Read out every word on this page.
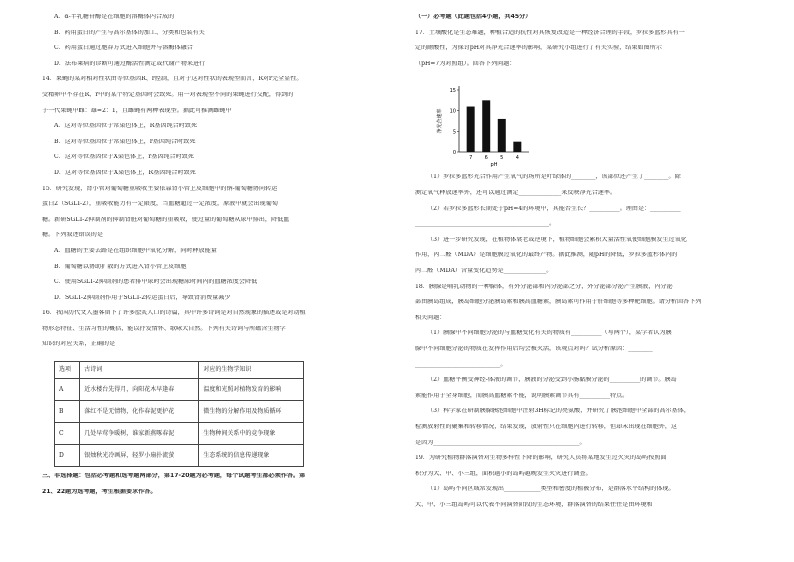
A．α-半乳糖苷酶是在细胞的溶酶体内合成的
B．药用蛋白的产生与高尔基体的加工、分类和包装有关
C．药用蛋白通过胞吞方式进入细胞并与溶酶体融合
D．法布莱病的诊断可通过酶活性测定或代谢产物来进行
14．果蝇的某对相对性状由等位基因R、r控制，且对于这对性状的表现型而言，R对r完全显性。
受精卵中不存在R、r中的某个特定基因时会致死。用一对表现型不同的果蝇进行交配，得到的
子一代果蝇中雌：雄=2：1，且雌蝇有两种表现型。据此可推测雌蝇中
A．这对等位基因位于常染色体上，R基因纯合时致死
B．这对等位基因位于常染色体上，r基因纯合时致死
C．这对等位基因位于X染色体上，r基因纯合时致死
D．这对等位基因位于X染色体上，R基因纯合时致死
15．研究发现，肾小管对葡萄糖重吸收主要依靠肾小管上皮细胞中的钠-葡萄糖协同转运
蛋白2（SGLT-2），重吸收能力有一定限度，当血糖超过一定浓度，原液中就会出现葡萄
糖。新研SGLT-2抑制剂的抑制肾脏对葡萄糖的重吸收，使过量的葡萄糖从尿中排出，降低血
糖。下列叙述错误的是
A．血糖的主要去路是在组织细胞中氧化分解，同时释放能量
B．葡萄糖以协助扩散的方式进入肾小管上皮细胞
C．使用SGLT-2抑制剂的患者排中尿时会出现糖尿时间内的血糖浓度会降低
D．SGLT-2抑制剂作用于SGLT-2转运蛋白后，导致肾消费量减少
16．我国历代文人墨客留下了许多脍炙人口的诗篇，其中许多诗词是对自然现象的描述或是对动植
物形态特征、生活习性的概括，能以抒发情怀、歌咏大自然。下列有关诗词与所蕴含生物学
知识的对应关系，正确的是
选项	古诗词	对应的生物学知识
A	近水楼台先得月，向阳花木早逢春	温度和光照对植物发育的影响
B	落红不是无情物，化作春泥更护花	微生物的分解作用及物质循环
C	几处早莺争暖树，谁家新燕啄春泥	生物种间关系中的竞争现象
D	银烛秋光冷画屏，轻罗小扇扑流萤	生态系统的信息传递现象
三、非选择题：包括必考题和选考题两部分，第17-20题为必考题，每个试题考生都必须作答。第
21、22题为选考题，考生根据要求作答。
（一）必考题（此题包括4小题，共45分）
17．土壤酸化是生态难题，种植合适的抗性对其恢复改造是一种经济合理的手段，罗拉多蓝杉具有一
定的耐酸性，为探讨pH对其净光合速率的影响，某研究小组进行了有关实验，结果如图所示
（pH=7为对照组）。回答下列问题：
0
5
10
15
7 6 5 4
pH
净光合速率
（1）罗拉多蓝杉光合作用产生氧气的场所是叶绿体的________，该部位还产生了________。除
测定氧气释放速率外，还可以通过测定______________来反映净光合速率。
（2）若罗拉多蓝杉长期处于pH=4的环境中，其能否生长？__________。理由是：__________
____________________________________________。
（3）进一步研究发现，在植物体衰老或逆境下，植物细胞会累积大量活性氧使细胞膜发生过氧化
作用，丙二醛（MDA）是细胞膜过氧化的最终产物。据此推测，随pH的降低，罗拉多蓝杉体内的
丙二醛（MDA）含量变化趋势是______________。
18．胰腺是哺乳动物的一种腺体，有外分泌部和内分泌部之分，外分泌部分泌产生胰液，内分泌
部由胰岛组成，胰岛细胞分泌胰岛素和胰高血糖素，胰岛素可作用于肝细胞等多种靶细胞。请分析回答下列
相关问题：
（1）胰腺中不同细胞分泌的与血糖变化有关的物质有__________（写两个），某学者认为胰
腺中不同细胞分泌的物质在发挥作用后均会被灭活，该观点对吗？试分析原因：________
____________________________。
（2）血糖平衡受神经-体液的调节，胰液的分泌受到小肠黏膜分泌的__________的调节。胰岛
素能作用于全身细胞，而胰高血糖素不能，说明胰素调节具有__________特点。
（3）科学家在研制胰腺胰泡细胞中注射3H标记的亮氨酸，并研究了胰泡细胞中全部的高尔基体，
检测放射性的聚集和转移情况，结果发现，放射性只在细胞内进行转移，但却未出现在细胞外，这
是因为________________________________________________。
19．为研究植物群落演替对生物多样性下降的影响，研究人员将某地发生过火灾的岛屿按照面
积分为大、中、小三组，面积越小的岛屿越晚发生火灾进行调查。
（1）岛屿不同区域常发现出____________类型和密度的植被分布，是群落水平结构的体现。
大、中、小三组岛屿可以代表不同演替阶段的生态环境，群落演替的结果往往是由环境和
